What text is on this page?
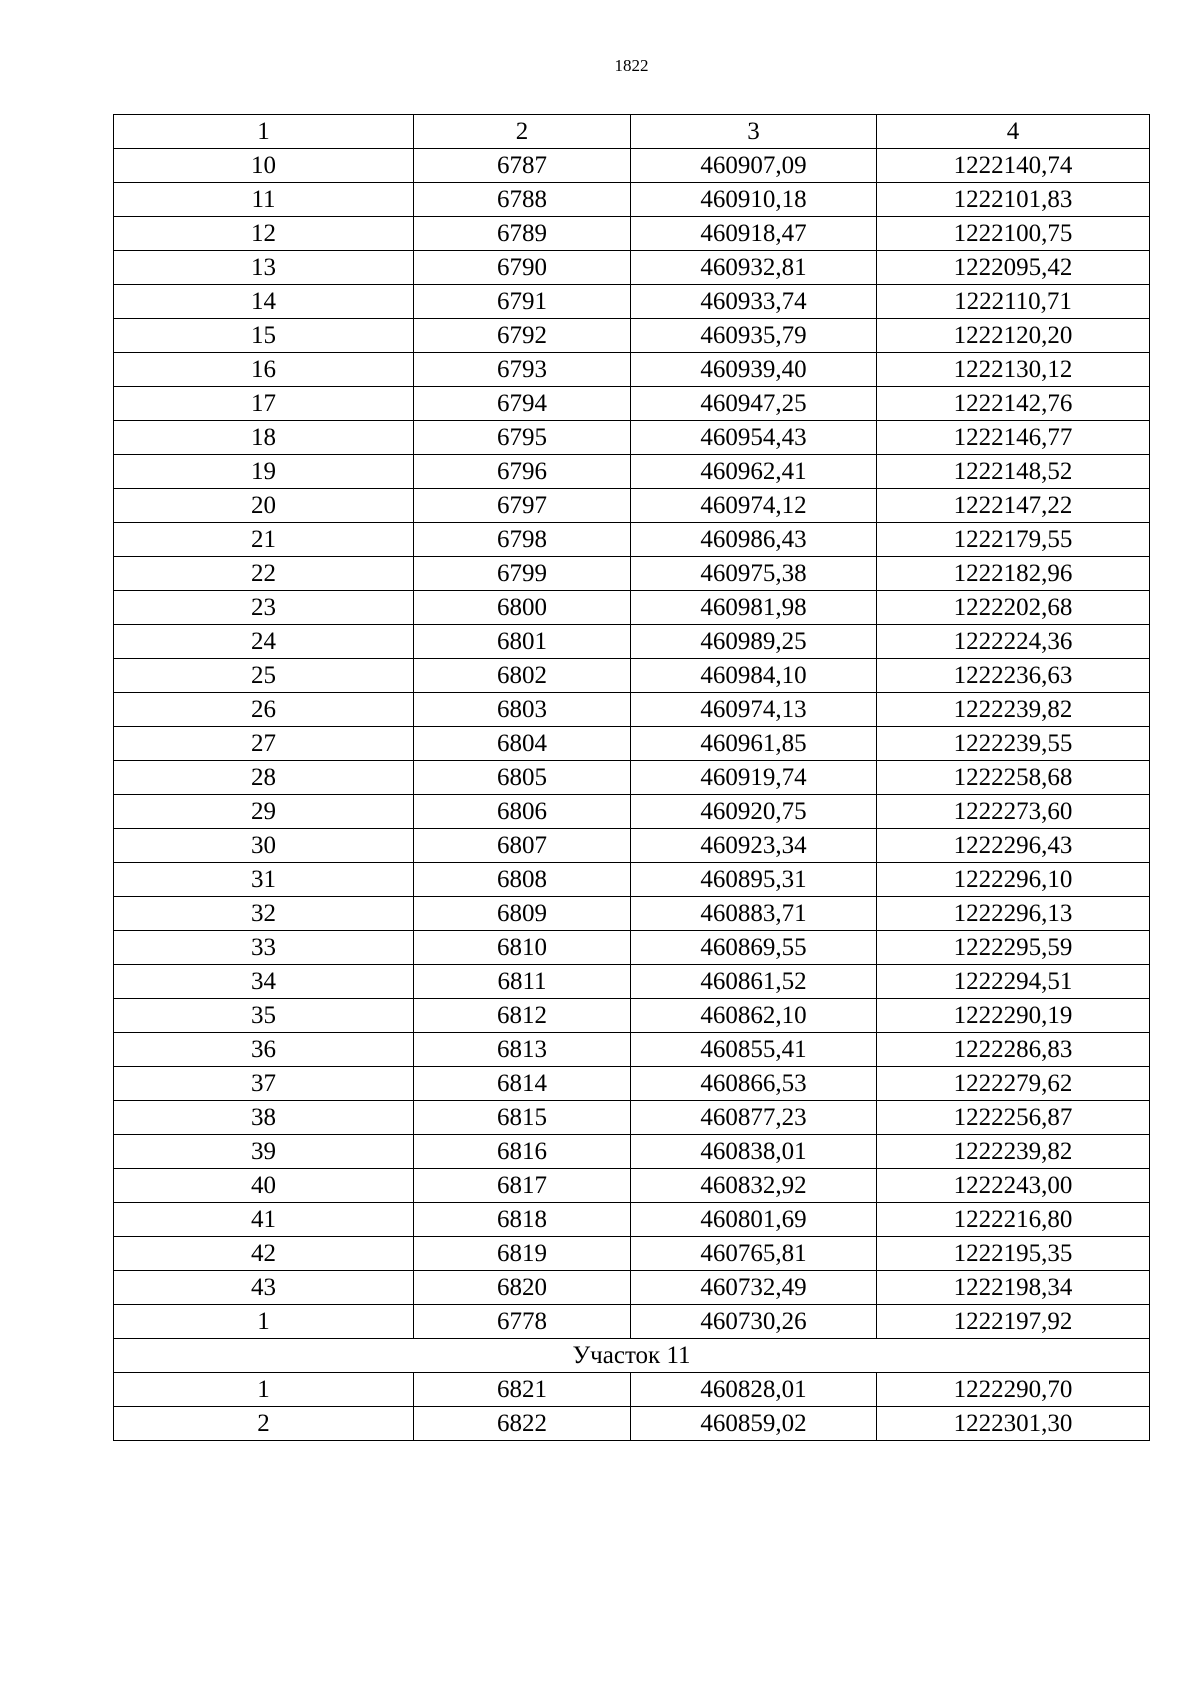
1822
1	2	3	4
10	6787	460907,09	1222140,74
11	6788	460910,18	1222101,83
12	6789	460918,47	1222100,75
13	6790	460932,81	1222095,42
14	6791	460933,74	1222110,71
15	6792	460935,79	1222120,20
16	6793	460939,40	1222130,12
17	6794	460947,25	1222142,76
18	6795	460954,43	1222146,77
19	6796	460962,41	1222148,52
20	6797	460974,12	1222147,22
21	6798	460986,43	1222179,55
22	6799	460975,38	1222182,96
23	6800	460981,98	1222202,68
24	6801	460989,25	1222224,36
25	6802	460984,10	1222236,63
26	6803	460974,13	1222239,82
27	6804	460961,85	1222239,55
28	6805	460919,74	1222258,68
29	6806	460920,75	1222273,60
30	6807	460923,34	1222296,43
31	6808	460895,31	1222296,10
32	6809	460883,71	1222296,13
33	6810	460869,55	1222295,59
34	6811	460861,52	1222294,51
35	6812	460862,10	1222290,19
36	6813	460855,41	1222286,83
37	6814	460866,53	1222279,62
38	6815	460877,23	1222256,87
39	6816	460838,01	1222239,82
40	6817	460832,92	1222243,00
41	6818	460801,69	1222216,80
42	6819	460765,81	1222195,35
43	6820	460732,49	1222198,34
1	6778	460730,26	1222197,92
Участок 11			
1	6821	460828,01	1222290,70
2	6822	460859,02	1222301,30
